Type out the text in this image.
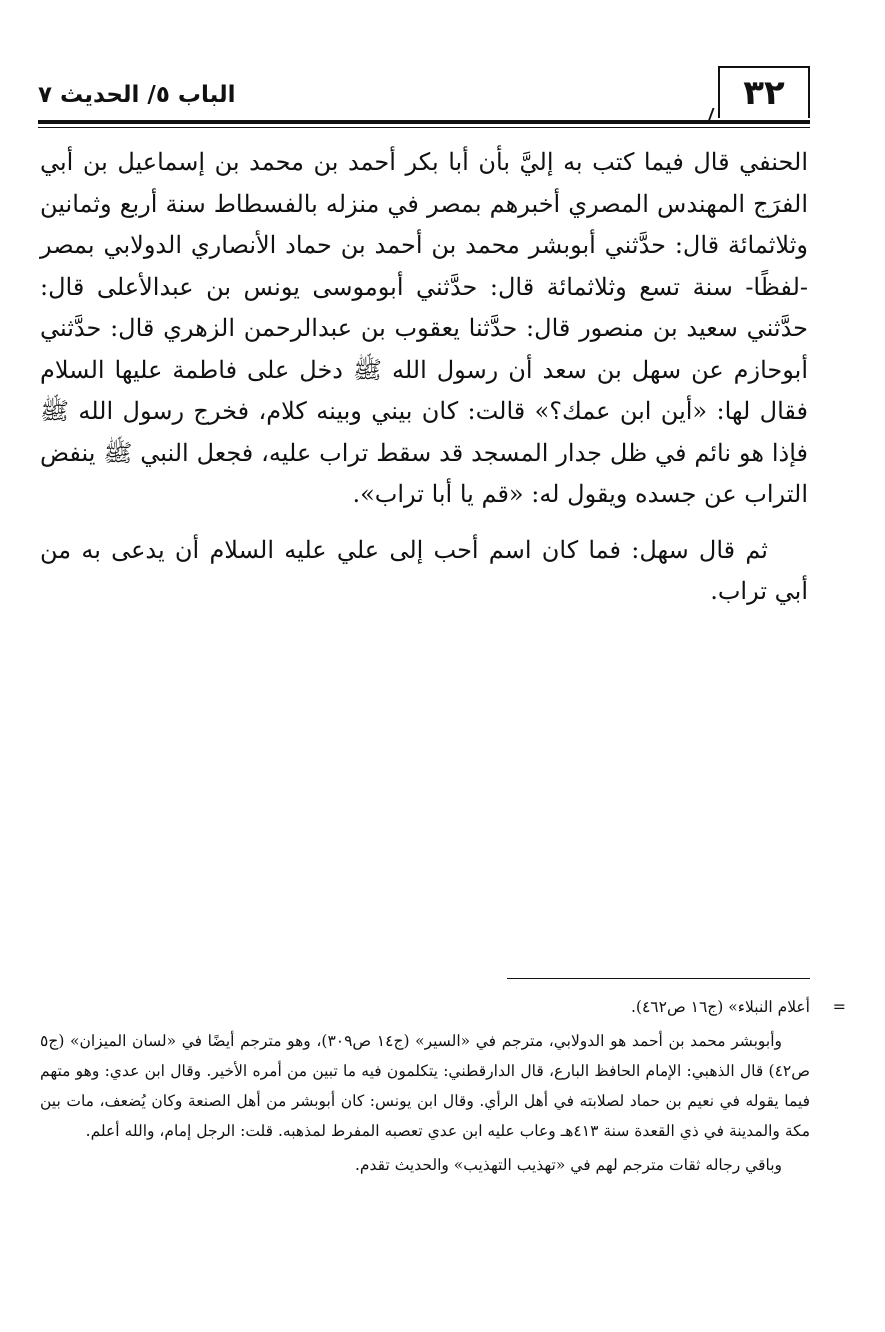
الباب ٥/ الحديث ٧	٣٢

الحنفي قال فيما كتب به إليَّ بأن أبا بكر أحمد بن محمد بن إسماعيل بن أبي الفرَج المهندس المصري أخبرهم بمصر في منزله بالفسطاط سنة أربع وثمانين وثلاثمائة قال: حدَّثني أبوبشر محمد بن أحمد بن حماد الأنصاري الدولابي بمصر -لفظًا- سنة تسع وثلاثمائة قال: حدَّثني أبوموسى يونس بن عبدالأعلى قال: حدَّثني سعيد بن منصور قال: حدَّثنا يعقوب بن عبدالرحمن الزهري قال: حدَّثني أبوحازم عن سهل بن سعد أن رسول الله ﷺ دخل على فاطمة عليها السلام فقال لها: «أين ابن عمك؟» قالت: كان بيني وبينه كلام، فخرج رسول الله ﷺ فإذا هو نائم في ظل جدار المسجد قد سقط تراب عليه، فجعل النبي ﷺ ينفض التراب عن جسده ويقول له: «قم يا أبا تراب».

ثم قال سهل: فما كان اسم أحب إلى علي عليه السلام أن يدعى به من أبي تراب.

=
أعلام النبلاء» (ج١٦ ص٤٦٢).

وأبوبشر محمد بن أحمد هو الدولابي، مترجم في «السير» (ج١٤ ص٣٠٩)، وهو مترجم أيضًا في «لسان الميزان» (ج٥ ص٤٢) قال الذهبي: الإمام الحافظ البارع، قال الدارقطني: يتكلمون فيه ما تبين من أمره الأخير. وقال ابن عدي: وهو متهم فيما يقوله في نعيم بن حماد لصلابته في أهل الرأي. وقال ابن يونس: كان أبوبشر من أهل الصنعة وكان يُضعف، مات بين مكة والمدينة في ذي القعدة سنة ٤١٣هـ وعاب عليه ابن عدي تعصبه المفرط لمذهبه. قلت: الرجل إمام، والله أعلم.

وباقي رجاله ثقات مترجم لهم في «تهذيب التهذيب» والحديث تقدم.
